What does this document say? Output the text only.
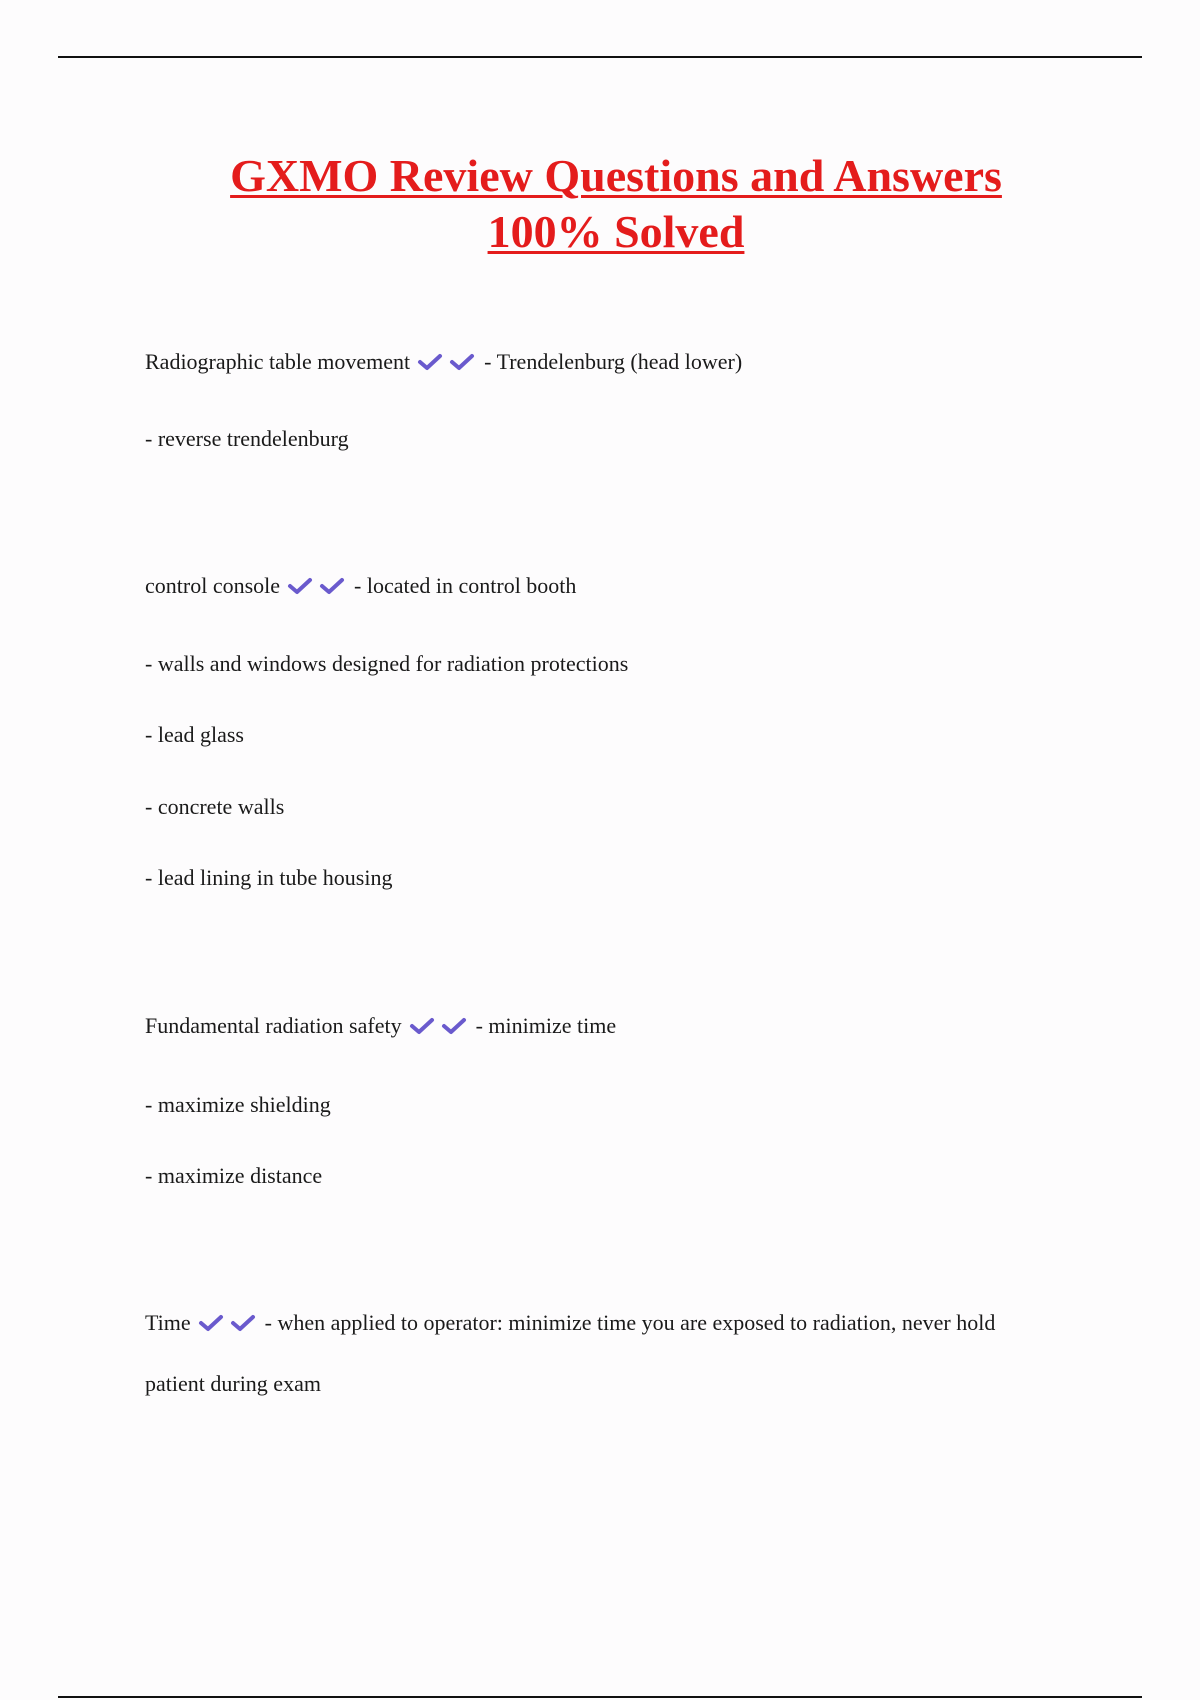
GXMO Review Questions and Answers
100% Solved
Radiographic table movement	- Trendelenburg (head lower)
- reverse trendelenburg
control console	- located in control booth
- walls and windows designed for radiation protections
- lead glass
- concrete walls
- lead lining in tube housing
Fundamental radiation safety	- minimize time
- maximize shielding
- maximize distance
Time	- when applied to operator: minimize time you are exposed to radiation, never hold
patient during exam
